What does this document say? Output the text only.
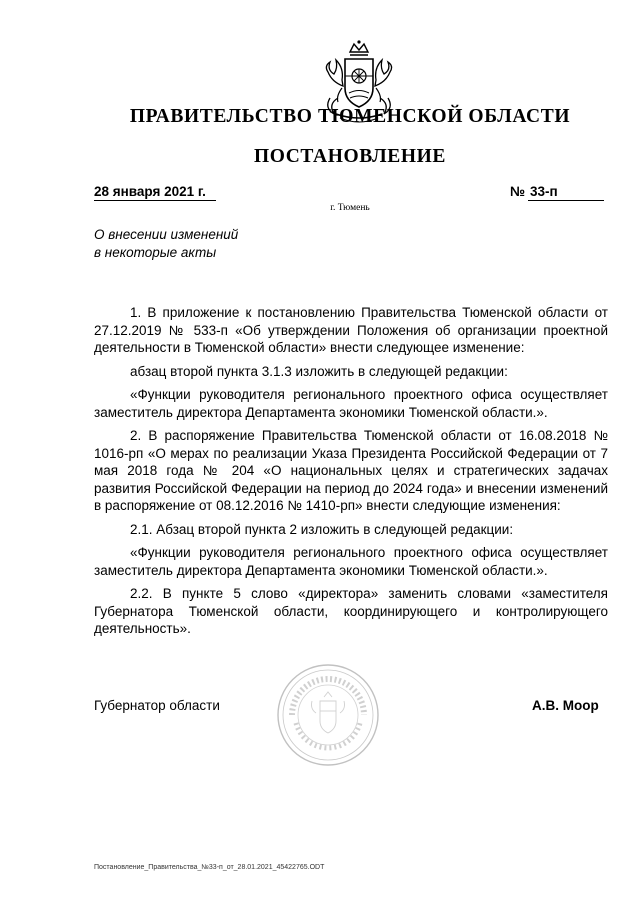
ПРАВИТЕЛЬСТВО ТЮМЕНСКОЙ ОБЛАСТИ
ПОСТАНОВЛЕНИЕ
28 января 2021 г.	№ 33-п
г. Тюмень
О внесении изменений
в некоторые акты

1. В приложение к постановлению Правительства Тюменской области от 27.12.2019 № 533-п «Об утверждении Положения об организации проектной деятельности в Тюменской области» внести следующее изменение:

абзац второй пункта 3.1.3 изложить в следующей редакции:

«Функции руководителя регионального проектного офиса осуществляет заместитель директора Департамента экономики Тюменской области.».

2. В распоряжение Правительства Тюменской области от 16.08.2018 № 1016-рп «О мерах по реализации Указа Президента Российской Федерации от 7 мая 2018 года № 204 «О национальных целях и стратегических задачах развития Российской Федерации на период до 2024 года» и внесении изменений в распоряжение от 08.12.2016 № 1410-рп» внести следующие изменения:

2.1. Абзац второй пункта 2 изложить в следующей редакции:

«Функции руководителя регионального проектного офиса осуществляет заместитель директора Департамента экономики Тюменской области.».

2.2. В пункте 5 слово «директора» заменить словами «заместителя Губернатора Тюменской области, координирующего и контролирующего деятельность».

Губернатор области	А.В. Моор
Постановление_Правительства_№33-п_от_28.01.2021_45422765.ODT
